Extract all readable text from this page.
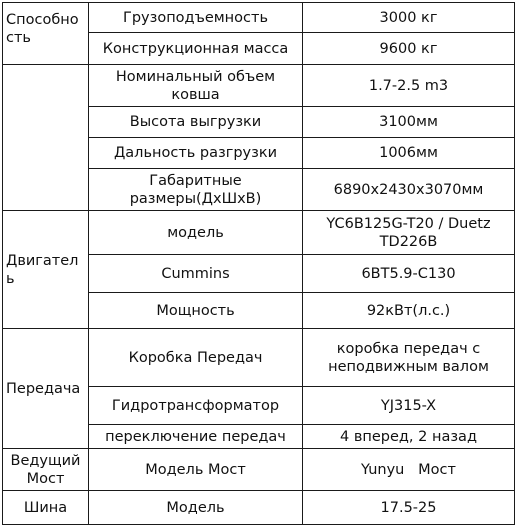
Способность	Грузоподъемность	3000 кг
	Конструкционная масса	9600 кг
	Номинальный объем ковша	1.7-2.5 m3
	Высота выгрузки	3100мм
	Дальность разгрузки	1006мм
	Габаритные размеры(ДхШхВ)	6890x2430x3070мм
Двигатель	модель	YC6B125G-T20 / Duetz TD226B
	Cummins	6BT5.9-C130
	Мощность	92кВт(л.с.)
Передача	Коробка Передач	коробка передач с неподвижным валом
	Гидротрансформатор	YJ315-X
	переключение передач	4 вперед, 2 назад
Ведущий Мост	Модель Мост	Yunyu   Мост
Шина	Модель	17.5-25
